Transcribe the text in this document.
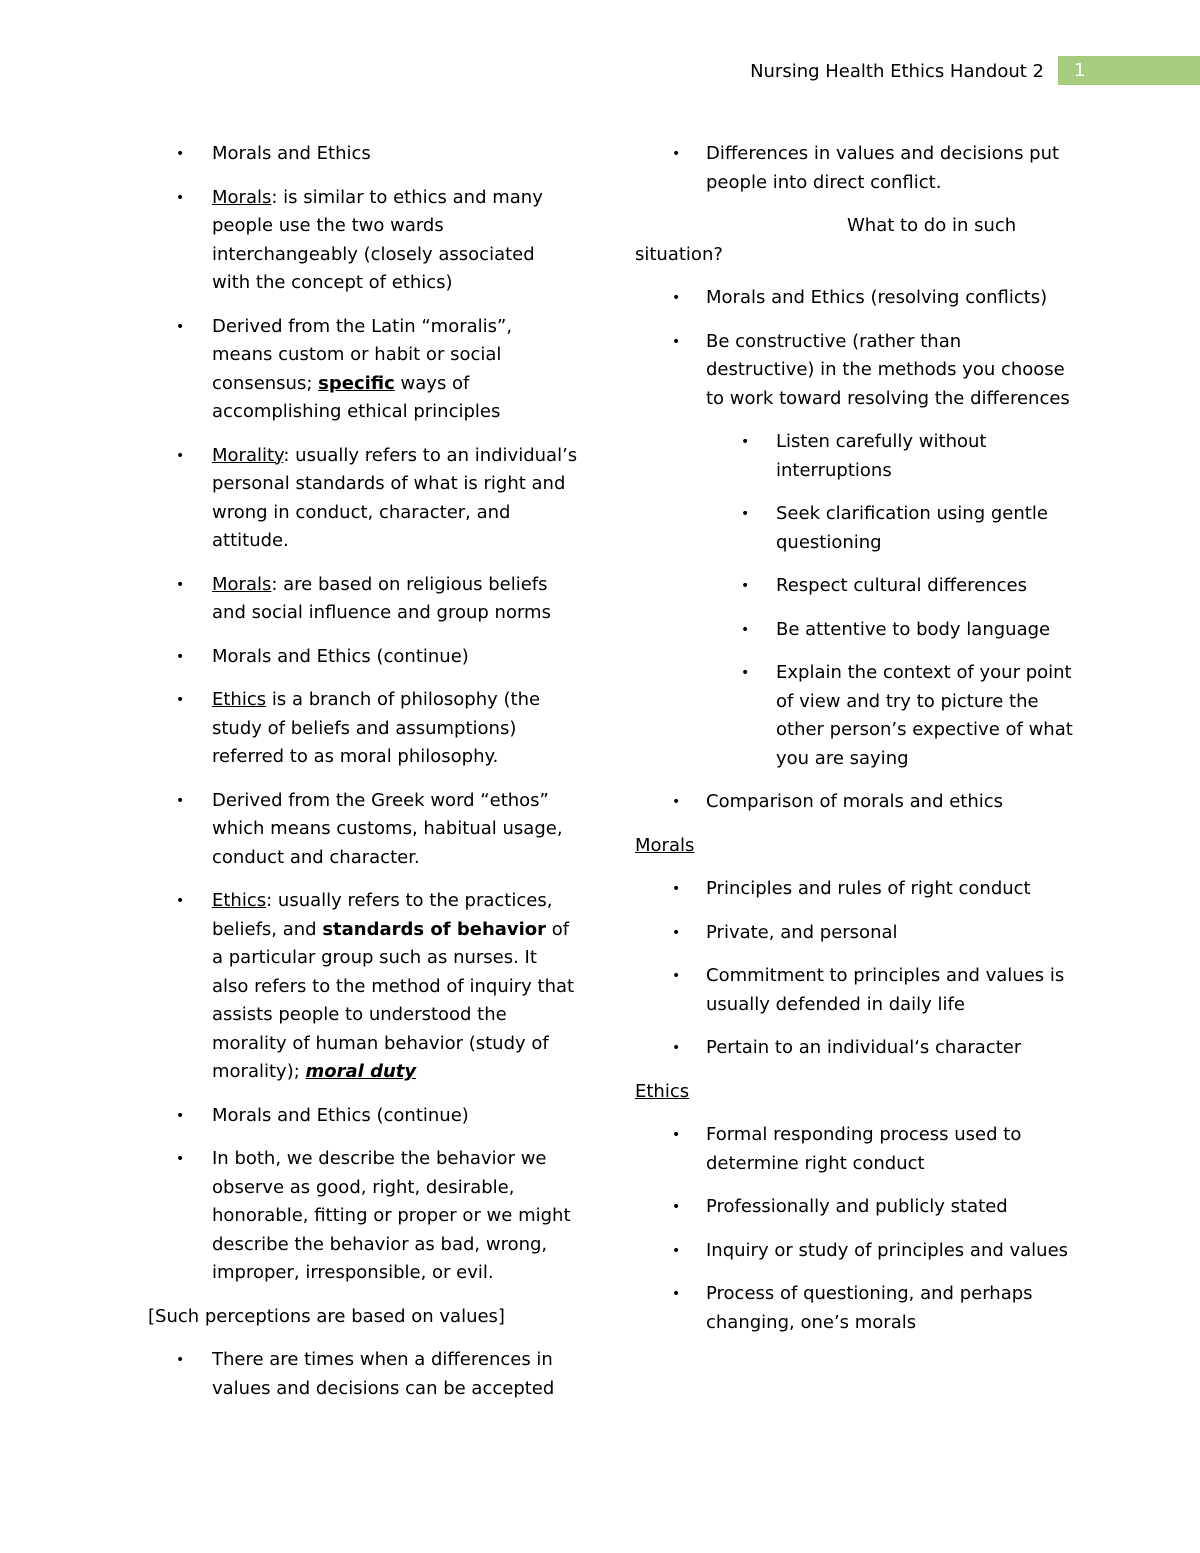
Nursing Health Ethics Handout 2	1
• Morals and Ethics
• Morals: is similar to ethics and many people use the two wards interchangeably (closely associated with the concept of ethics)
• Derived from the Latin “moralis”, means custom or habit or social consensus; specific ways of accomplishing ethical principles
• Morality: usually refers to an individual’s personal standards of what is right and wrong in conduct, character, and attitude.
• Morals: are based on religious beliefs and social influence and group norms
• Morals and Ethics (continue)
• Ethics is a branch of philosophy (the study of beliefs and assumptions) referred to as moral philosophy.
• Derived from the Greek word “ethos” which means customs, habitual usage, conduct and character.
• Ethics: usually refers to the practices, beliefs, and standards of behavior of a particular group such as nurses. It also refers to the method of inquiry that assists people to understood the morality of human behavior (study of morality); moral duty
• Morals and Ethics (continue)
• In both, we describe the behavior we observe as good, right, desirable, honorable, fitting or proper or we might describe the behavior as bad, wrong, improper, irresponsible, or evil.
[Such perceptions are based on values]
• There are times when a differences in values and decisions can be accepted
• Differences in values and decisions put people into direct conflict.
What to do in such situation?
• Morals and Ethics (resolving conflicts)
• Be constructive (rather than destructive) in the methods you choose to work toward resolving the differences
• Listen carefully without interruptions
• Seek clarification using gentle questioning
• Respect cultural differences
• Be attentive to body language
• Explain the context of your point of view and try to picture the other person’s expective of what you are saying
• Comparison of morals and ethics
Morals
• Principles and rules of right conduct
• Private, and personal
• Commitment to principles and values is usually defended in daily life
• Pertain to an individual‘s character
Ethics
• Formal responding process used to determine right conduct
• Professionally and publicly stated
• Inquiry or study of principles and values
• Process of questioning, and perhaps changing, one’s morals
